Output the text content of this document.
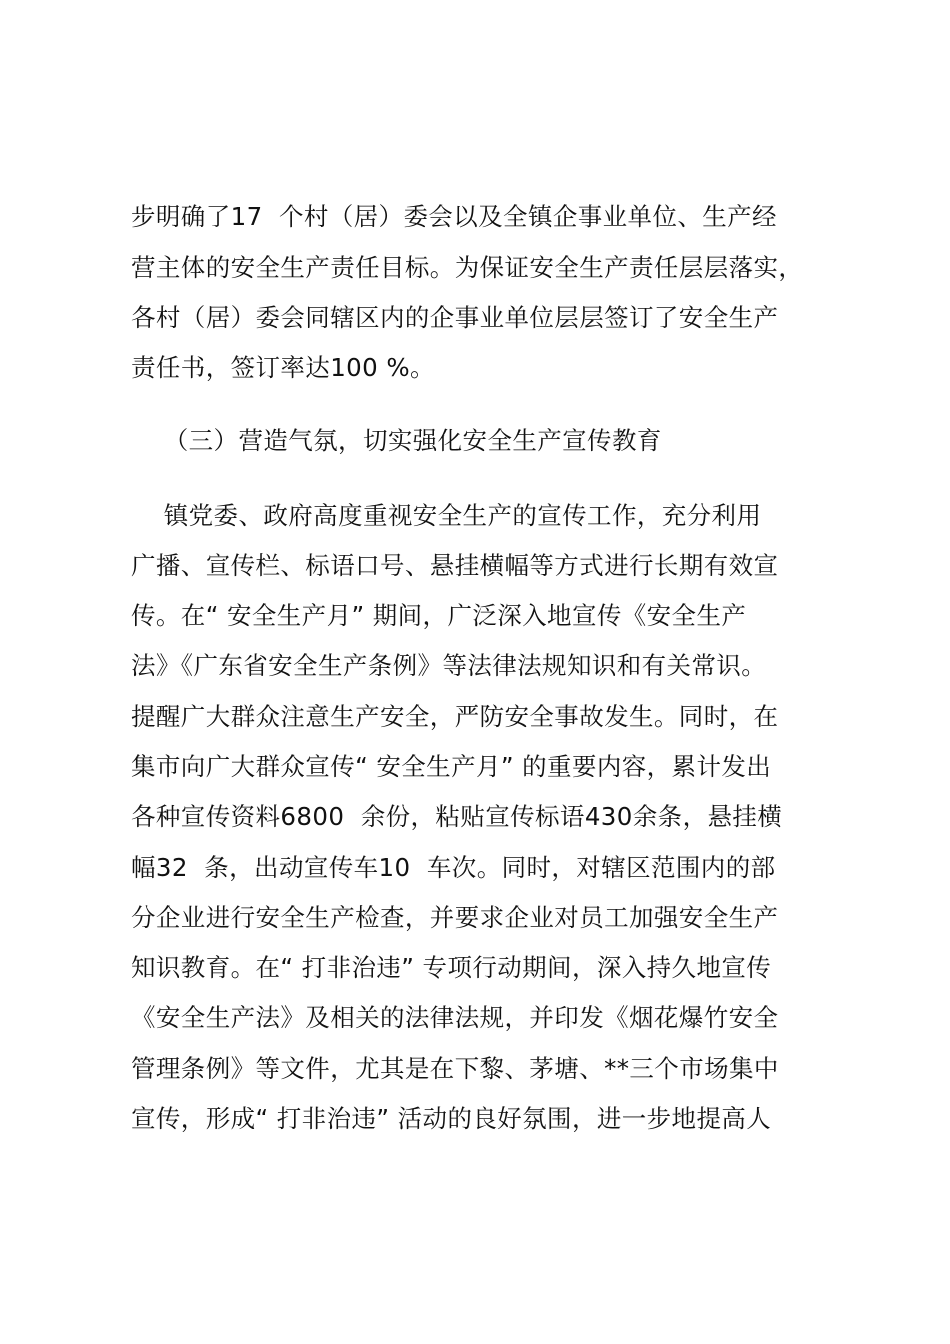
步明确了17  个村（居）委会以及全镇企事业单位、生产经
营主体的安全生产责任目标。为保证安全生产责任层层落实，
各村（居）委会同辖区内的企事业单位层层签订了安全生产
责任书，签订率达100 %。
（三）营造气氛，切实强化安全生产宣传教育
镇党委、政府高度重视安全生产的宣传工作，充分利用
广播、宣传栏、标语口号、悬挂横幅等方式进行长期有效宣
传。在“ 安全生产月” 期间，广泛深入地宣传《安全生产
法》《广东省安全生产条例》等法律法规知识和有关常识。
提醒广大群众注意生产安全，严防安全事故发生。同时，在
集市向广大群众宣传“ 安全生产月” 的重要内容，累计发出
各种宣传资料6800  余份，粘贴宣传标语430余条，悬挂横
幅32  条，出动宣传车10  车次。同时，对辖区范围内的部
分企业进行安全生产检查，并要求企业对员工加强安全生产
知识教育。在“ 打非治违” 专项行动期间，深入持久地宣传
《安全生产法》及相关的法律法规，并印发《烟花爆竹安全
管理条例》等文件，尤其是在下黎、茅塘、**三个市场集中
宣传，形成“ 打非治违” 活动的良好氛围，进一步地提高人
